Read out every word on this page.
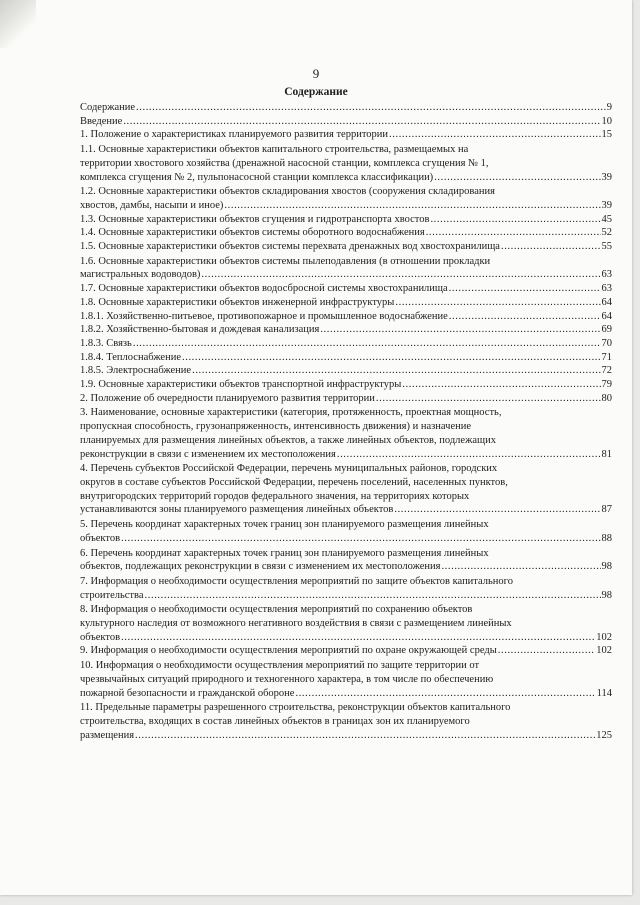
9
Содержание
Содержание .....	9
Введение .....	10
1. Положение о характеристиках планируемого развития территории .....	15
1.1. Основные характеристики объектов капитального строительства, размещаемых на
территории хвостового хозяйства (дренажной насосной станции, комплекса сгущения № 1,
комплекса сгущения № 2, пульпонасосной станции комплекса классификации) .....	39
1.2. Основные характеристики объектов складирования хвостов (сооружения складирования
хвостов, дамбы, насыпи и иное) .....	39
1.3. Основные характеристики объектов сгущения и гидротранспорта хвостов .....	45
1.4. Основные характеристики объектов системы оборотного водоснабжения .....	52
1.5. Основные характеристики объектов системы перехвата дренажных вод хвостохранилища .....	55
1.6. Основные характеристики объектов системы пылеподавления (в отношении прокладки
магистральных водоводов) .....	63
1.7. Основные характеристики объектов водосбросной системы хвостохранилища .....	63
1.8. Основные характеристики объектов инженерной инфраструктуры .....	64
1.8.1. Хозяйственно-питьевое, противопожарное и промышленное водоснабжение .....	64
1.8.2. Хозяйственно-бытовая и дождевая канализация .....	69
1.8.3. Связь .....	70
1.8.4. Теплоснабжение .....	71
1.8.5. Электроснабжение .....	72
1.9. Основные характеристики объектов транспортной инфраструктуры .....	79
2. Положение об очередности планируемого развития территории .....	80
3. Наименование, основные характеристики (категория, протяженность, проектная мощность,
пропускная способность, грузонапряженность, интенсивность движения) и назначение
планируемых для размещения линейных объектов, а также линейных объектов, подлежащих
реконструкции в связи с изменением их местоположения .....	81
4. Перечень субъектов Российской Федерации, перечень муниципальных районов, городских
округов в составе субъектов Российской Федерации, перечень поселений, населенных пунктов,
внутригородских территорий городов федерального значения, на территориях которых
устанавливаются зоны планируемого размещения линейных объектов .....	87
5. Перечень координат характерных точек границ зон планируемого размещения линейных
объектов .....	88
6. Перечень координат характерных точек границ зон планируемого размещения линейных
объектов, подлежащих реконструкции в связи с изменением их местоположения .....	98
7. Информация о необходимости осуществления мероприятий по защите объектов капитального
строительства .....	98
8. Информация о необходимости осуществления мероприятий по сохранению объектов
культурного наследия от возможного негативного воздействия в связи с размещением линейных
объектов .....	102
9. Информация о необходимости осуществления мероприятий по охране окружающей среды .....	102
10. Информация о необходимости осуществления мероприятий по защите территории от
чрезвычайных ситуаций природного и техногенного характера, в том числе по обеспечению
пожарной безопасности и гражданской обороне .....	114
11. Предельные параметры разрешенного строительства, реконструкции объектов капитального
строительства, входящих в состав линейных объектов в границах зон их планируемого
размещения .....	125
